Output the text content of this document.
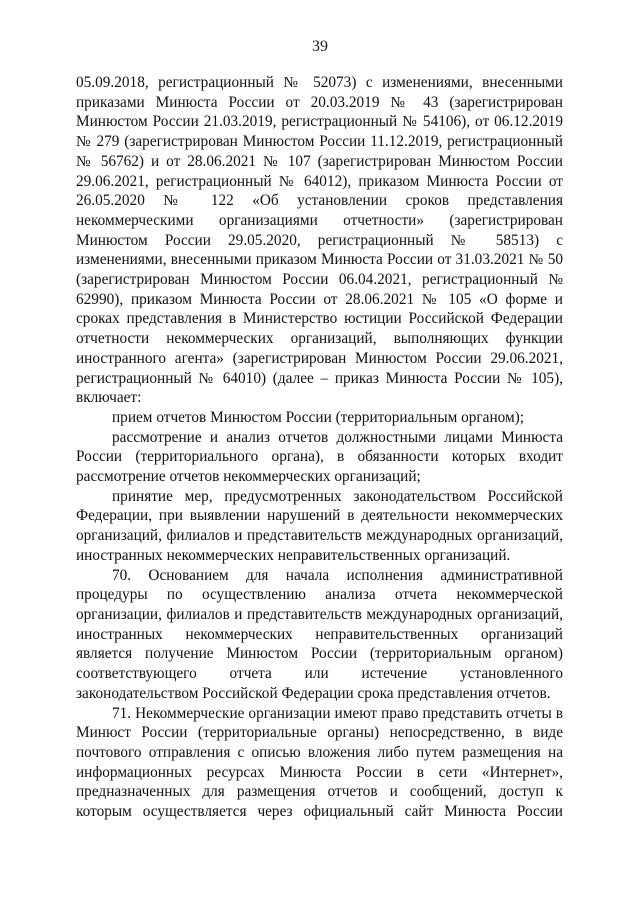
39

05.09.2018, регистрационный № 52073) с изменениями, внесенными приказами Минюста России от 20.03.2019 № 43 (зарегистрирован Минюстом России 21.03.2019, регистрационный № 54106), от 06.12.2019 № 279 (зарегистрирован Минюстом России 11.12.2019, регистрационный № 56762) и от 28.06.2021 № 107 (зарегистрирован Минюстом России 29.06.2021, регистрационный № 64012), приказом Минюста России от 26.05.2020 № 122 «Об установлении сроков представления некоммерческими организациями отчетности» (зарегистрирован Минюстом России 29.05.2020, регистрационный № 58513) с изменениями, внесенными приказом Минюста России от 31.03.2021 № 50 (зарегистрирован Минюстом России 06.04.2021, регистрационный № 62990), приказом Минюста России от 28.06.2021 № 105 «О форме и сроках представления в Министерство юстиции Российской Федерации отчетности некоммерческих организаций, выполняющих функции иностранного агента» (зарегистрирован Минюстом России 29.06.2021, регистрационный № 64010) (далее – приказ Минюста России № 105), включает:

прием отчетов Минюстом России (территориальным органом);

рассмотрение и анализ отчетов должностными лицами Минюста России (территориального органа), в обязанности которых входит рассмотрение отчетов некоммерческих организаций;

принятие мер, предусмотренных законодательством Российской Федерации, при выявлении нарушений в деятельности некоммерческих организаций, филиалов и представительств международных организаций, иностранных некоммерческих неправительственных организаций.

70. Основанием для начала исполнения административной процедуры по осуществлению анализа отчета некоммерческой организации, филиалов и представительств международных организаций, иностранных некоммерческих неправительственных организаций является получение Минюстом России (территориальным органом) соответствующего отчета или истечение установленного законодательством Российской Федерации срока представления отчетов.

71. Некоммерческие организации имеют право представить отчеты в Минюст России (территориальные органы) непосредственно, в виде почтового отправления с описью вложения либо путем размещения на информационных ресурсах Минюста России в сети «Интернет», предназначенных для размещения отчетов и сообщений, доступ к которым осуществляется через официальный сайт Минюста России
